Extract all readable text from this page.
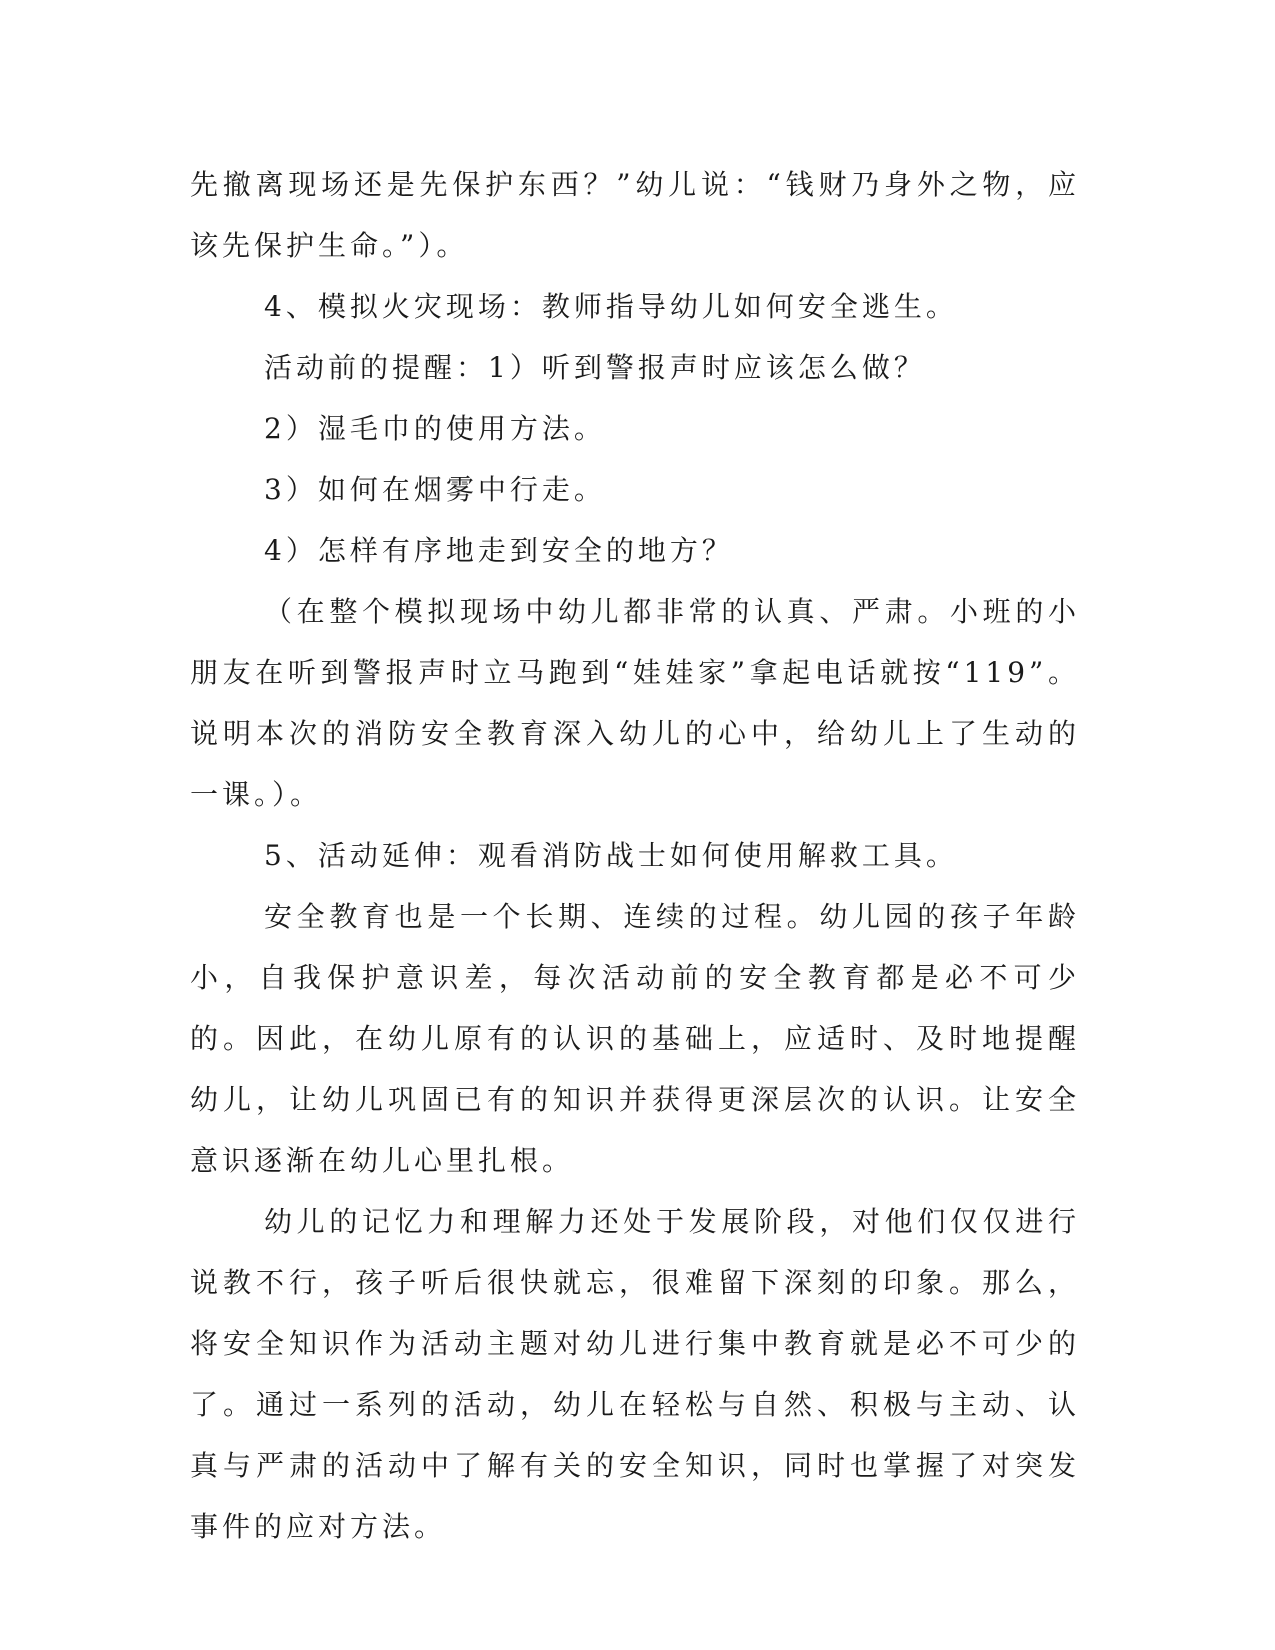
先撤离现场还是先保护东西？”幼儿说：“钱财乃身外之物，应该先保护生命。”）。

4、模拟火灾现场：教师指导幼儿如何安全逃生。

活动前的提醒：1）听到警报声时应该怎么做？

2）湿毛巾的使用方法。

3）如何在烟雾中行走。

4）怎样有序地走到安全的地方？

（在整个模拟现场中幼儿都非常的认真、严肃。小班的小朋友在听到警报声时立马跑到“娃娃家”拿起电话就按“119”。说明本次的消防安全教育深入幼儿的心中，给幼儿上了生动的一课。）。

5、活动延伸：观看消防战士如何使用解救工具。

安全教育也是一个长期、连续的过程。幼儿园的孩子年龄小，自我保护意识差，每次活动前的安全教育都是必不可少的。因此，在幼儿原有的认识的基础上，应适时、及时地提醒幼儿，让幼儿巩固已有的知识并获得更深层次的认识。让安全意识逐渐在幼儿心里扎根。

幼儿的记忆力和理解力还处于发展阶段，对他们仅仅进行说教不行，孩子听后很快就忘，很难留下深刻的印象。那么，将安全知识作为活动主题对幼儿进行集中教育就是必不可少的了。通过一系列的活动，幼儿在轻松与自然、积极与主动、认真与严肃的活动中了解有关的安全知识，同时也掌握了对突发事件的应对方法。
